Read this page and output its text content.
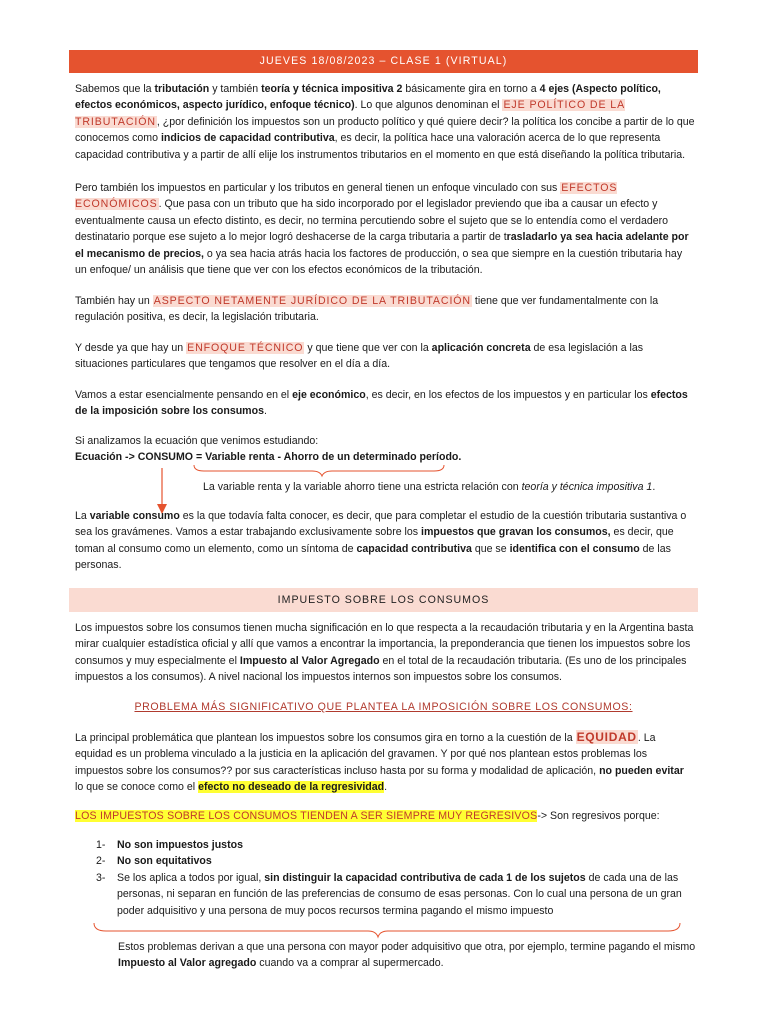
JUEVES 18/08/2023 – CLASE 1 (VIRTUAL)

Sabemos que la tributación y también teoría y técnica impositiva 2 básicamente gira en torno a 4 ejes (Aspecto político, efectos económicos, aspecto jurídico, enfoque técnico). Lo que algunos denominan el EJE POLÍTICO DE LA TRIBUTACIÓN, ¿por definición los impuestos son un producto político y qué quiere decir? la política los concibe a partir de lo que conocemos como indicios de capacidad contributiva, es decir, la política hace una valoración acerca de lo que representa capacidad contributiva y a partir de allí elije los instrumentos tributarios en el momento en que está diseñando la política tributaria.

Pero también los impuestos en particular y los tributos en general tienen un enfoque vinculado con sus EFECTOS ECONÓMICOS. Que pasa con un tributo que ha sido incorporado por el legislador previendo que iba a causar un efecto y eventualmente causa un efecto distinto, es decir, no termina percutiendo sobre el sujeto que se lo entendía como el verdadero destinatario porque ese sujeto a lo mejor logró deshacerse de la carga tributaria a partir de trasladarlo ya sea hacia adelante por el mecanismo de precios, o ya sea hacia atrás hacia los factores de producción, o sea que siempre en la cuestión tributaria hay un enfoque/ un análisis que tiene que ver con los efectos económicos de la tributación.

También hay un ASPECTO NETAMENTE JURÍDICO DE LA TRIBUTACIÓN tiene que ver fundamentalmente con la regulación positiva, es decir, la legislación tributaria.

Y desde ya que hay un ENFOQUE TÉCNICO y que tiene que ver con la aplicación concreta de esa legislación a las situaciones particulares que tengamos que resolver en el día a día.

Vamos a estar esencialmente pensando en el eje económico, es decir, en los efectos de los impuestos y en particular los efectos de la imposición sobre los consumos.

Si analizamos la ecuación que venimos estudiando:
Ecuación -> CONSUMO = Variable renta - Ahorro de un determinado período.

La variable renta y la variable ahorro tiene una estricta relación con teoría y técnica impositiva 1.

La variable consumo es la que todavía falta conocer, es decir, que para completar el estudio de la cuestión tributaria sustantiva o sea los gravámenes. Vamos a estar trabajando exclusivamente sobre los impuestos que gravan los consumos, es decir, que toman al consumo como un elemento, como un síntoma de capacidad contributiva que se identifica con el consumo de las personas.

IMPUESTO SOBRE LOS CONSUMOS

Los impuestos sobre los consumos tienen mucha significación en lo que respecta a la recaudación tributaria y en la Argentina basta mirar cualquier estadística oficial y allí que vamos a encontrar la importancia, la preponderancia que tienen los impuestos sobre los consumos y muy especialmente el Impuesto al Valor Agregado en el total de la recaudación tributaria. (Es uno de los principales impuestos a los consumos). A nivel nacional los impuestos internos son impuestos sobre los consumos.

PROBLEMA MÁS SIGNIFICATIVO QUE PLANTEA LA IMPOSICIÓN SOBRE LOS CONSUMOS:

La principal problemática que plantean los impuestos sobre los consumos gira en torno a la cuestión de la EQUIDAD. La equidad es un problema vinculado a la justicia en la aplicación del gravamen. Y por qué nos plantean estos problemas los impuestos sobre los consumos?? por sus características incluso hasta por su forma y modalidad de aplicación, no pueden evitar lo que se conoce como el efecto no deseado de la regresividad.

LOS IMPUESTOS SOBRE LOS CONSUMOS TIENDEN A SER SIEMPRE MUY REGRESIVOS-> Son regresivos porque:

1- No son impuestos justos
2- No son equitativos
3- Se los aplica a todos por igual, sin distinguir la capacidad contributiva de cada 1 de los sujetos de cada una de las personas, ni separan en función de las preferencias de consumo de esas personas. Con lo cual una persona de un gran poder adquisitivo y una persona de muy pocos recursos termina pagando el mismo impuesto

Estos problemas derivan a que una persona con mayor poder adquisitivo que otra, por ejemplo, termine pagando el mismo Impuesto al Valor agregado cuando va a comprar al supermercado.
